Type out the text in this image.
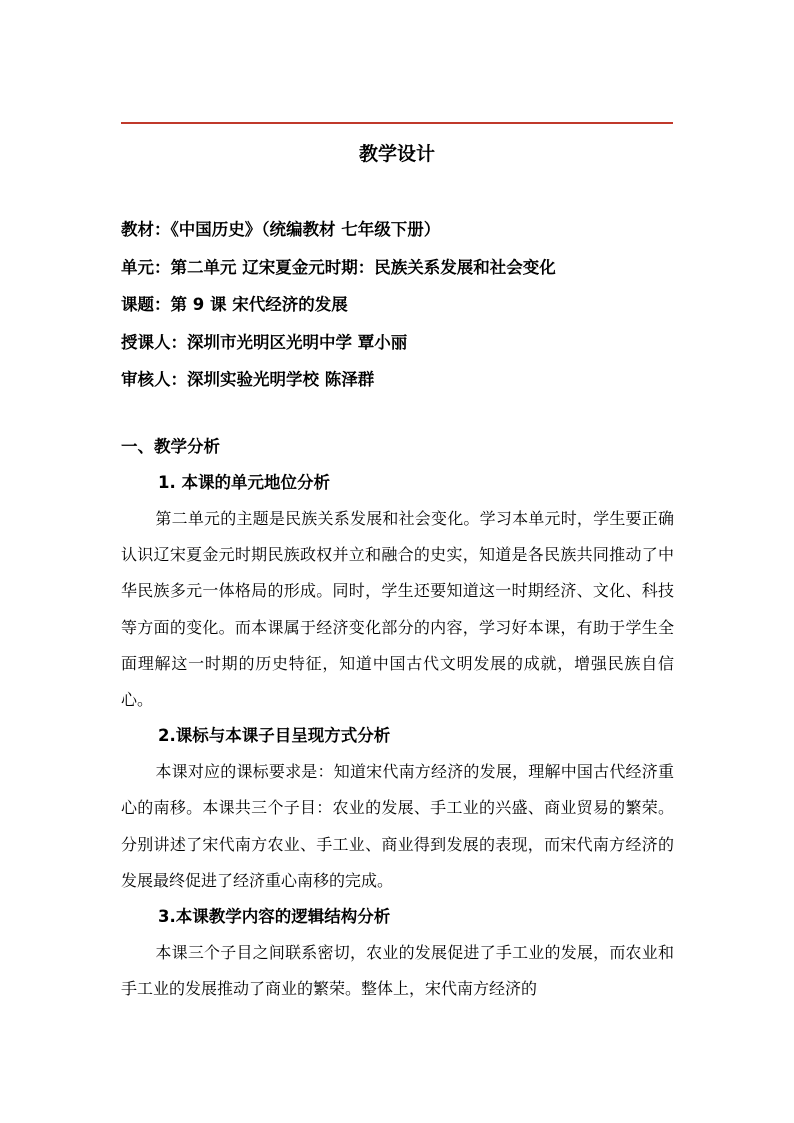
教学设计
教材：《中国历史》（统编教材 七年级下册）
单元：第二单元 辽宋夏金元时期：民族关系发展和社会变化
课题：第 9 课 宋代经济的发展
授课人：深圳市光明区光明中学 覃小丽
审核人：深圳实验光明学校 陈泽群
一、教学分析
1. 本课的单元地位分析

第二单元的主题是民族关系发展和社会变化。学习本单元时，学生要正确认识辽宋夏金元时期民族政权并立和融合的史实，知道是各民族共同推动了中华民族多元一体格局的形成。同时，学生还要知道这一时期经济、文化、科技等方面的变化。而本课属于经济变化部分的内容，学习好本课，有助于学生全面理解这一时期的历史特征，知道中国古代文明发展的成就，增强民族自信心。

2.课标与本课子目呈现方式分析

本课对应的课标要求是：知道宋代南方经济的发展，理解中国古代经济重心的南移。本课共三个子目：农业的发展、手工业的兴盛、商业贸易的繁荣。分别讲述了宋代南方农业、手工业、商业得到发展的表现，而宋代南方经济的发展最终促进了经济重心南移的完成。

3.本课教学内容的逻辑结构分析

本课三个子目之间联系密切，农业的发展促进了手工业的发展，而农业和手工业的发展推动了商业的繁荣。整体上，宋代南方经济的
